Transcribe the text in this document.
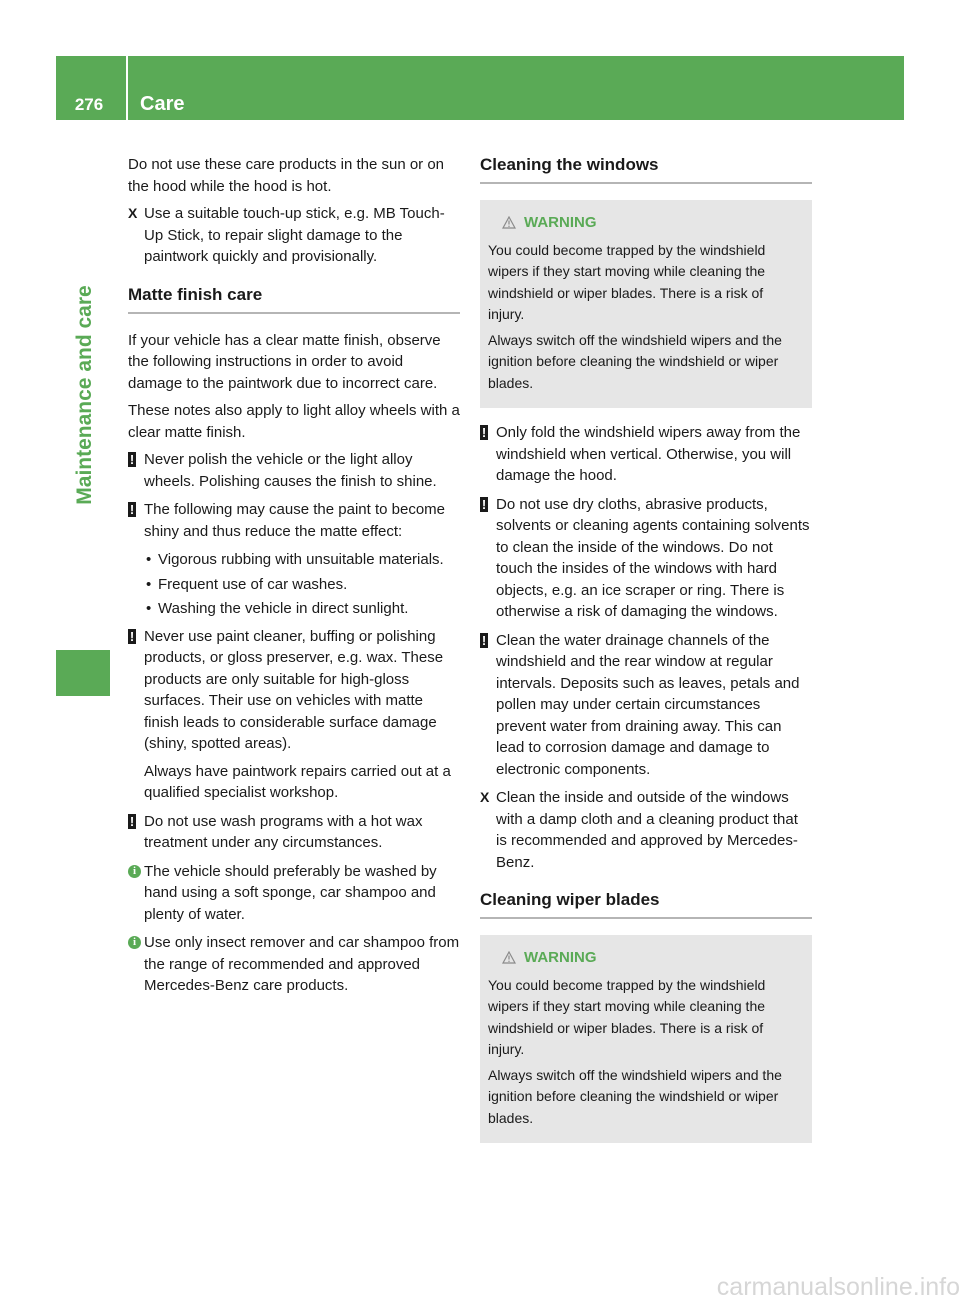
276	Care
Maintenance and care

Do not use these care products in the sun or on the hood while the hood is hot.

X Use a suitable touch-up stick, e.g. MB Touch-Up Stick, to repair slight damage to the paintwork quickly and provisionally.
Matte finish care

If your vehicle has a clear matte finish, observe the following instructions in order to avoid damage to the paintwork due to incorrect care.

These notes also apply to light alloy wheels with a clear matte finish.

! Never polish the vehicle or the light alloy wheels. Polishing causes the finish to shine.
! The following may cause the paint to become shiny and thus reduce the matte effect:
• Vigorous rubbing with unsuitable materials.
• Frequent use of car washes.
• Washing the vehicle in direct sunlight.
! Never use paint cleaner, buffing or polishing products, or gloss preserver, e.g. wax. These products are only suitable for high-gloss surfaces. Their use on vehicles with matte finish leads to considerable surface damage (shiny, spotted areas).

Always have paintwork repairs carried out at a qualified specialist workshop.

! Do not use wash programs with a hot wax treatment under any circumstances.
i The vehicle should preferably be washed by hand using a soft sponge, car shampoo and plenty of water.
i Use only insect remover and car shampoo from the range of recommended and approved Mercedes-Benz care products.
Cleaning the windows
WARNING

You could become trapped by the windshield wipers if they start moving while cleaning the windshield or wiper blades. There is a risk of injury.

Always switch off the windshield wipers and the ignition before cleaning the windshield or wiper blades.

! Only fold the windshield wipers away from the windshield when vertical. Otherwise, you will damage the hood.
! Do not use dry cloths, abrasive products, solvents or cleaning agents containing solvents to clean the inside of the windows. Do not touch the insides of the windows with hard objects, e.g. an ice scraper or ring. There is otherwise a risk of damaging the windows.
! Clean the water drainage channels of the windshield and the rear window at regular intervals. Deposits such as leaves, petals and pollen may under certain circumstances prevent water from draining away. This can lead to corrosion damage and damage to electronic components.
X Clean the inside and outside of the windows with a damp cloth and a cleaning product that is recommended and approved by Mercedes-Benz.
Cleaning wiper blades
WARNING

You could become trapped by the windshield wipers if they start moving while cleaning the windshield or wiper blades. There is a risk of injury.

Always switch off the windshield wipers and the ignition before cleaning the windshield or wiper blades.

carmanualsonline.info
